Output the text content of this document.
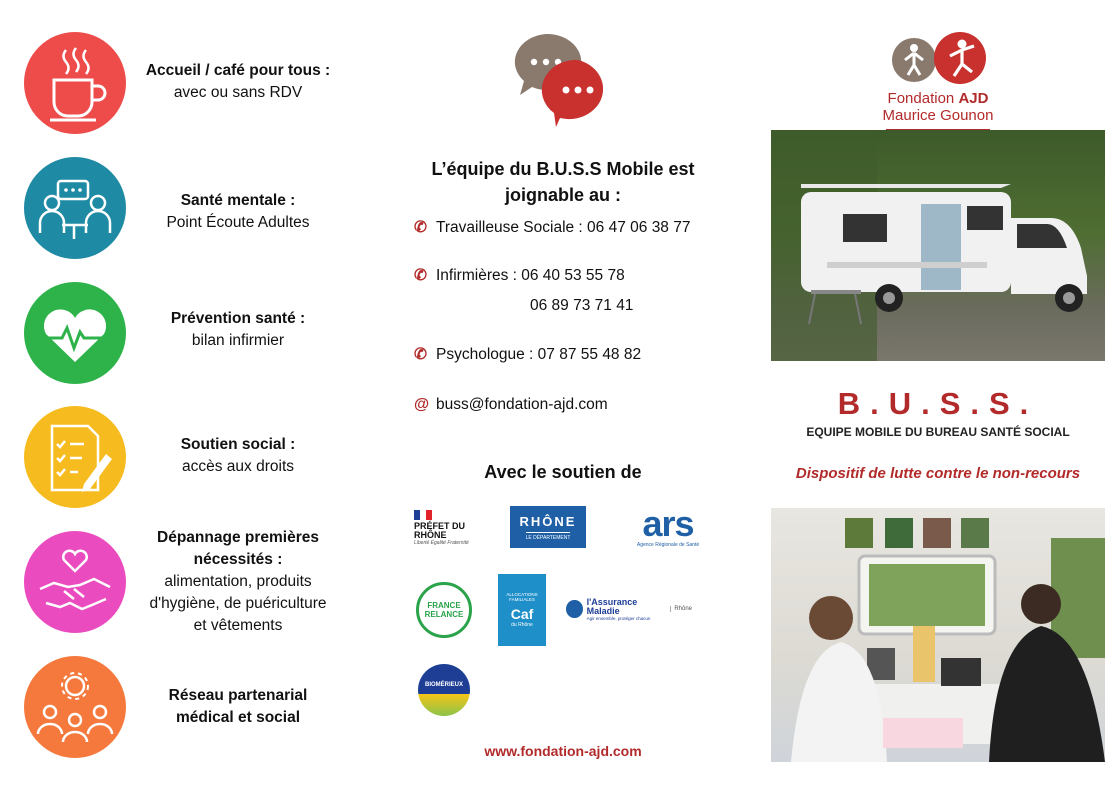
Accueil / café pour tous :
avec ou sans RDV
Santé mentale :
Point Écoute Adultes
Prévention santé :
bilan infirmier
Soutien social :
accès aux droits
Dépannage premières nécessités :
alimentation, produits
d'hygiène, de puériculture
et vêtements
Réseau partenarial médical et social
L’équipe du B.U.S.S Mobile est joignable au :
✆ Travailleuse Sociale : 06 47 06 38 77
✆ Infirmières : 06 40 53 55 78
06 89 73 71 41
✆ Psychologue : 07 87 55 48 82
@ buss@fondation-ajd.com
Avec le soutien de
PRÉFET DU RHÔNE
Liberté Égalité Fraternité
RHÔNE
LE DÉPARTEMENT ars
Agence Régionale de Santé
FRANCE RELANCE
ALLOCATIONS FAMILIALES
Caf
du Rhône
l'Assurance Maladie
Agir ensemble, protéger chacun
Rhône
BIOMÉRIEUX
www.fondation-ajd.com
Fondation AJD
Maurice Gounon
B.U.S.S.
EQUIPE MOBILE DU BUREAU SANTÉ SOCIAL
Dispositif de lutte contre le non-recours
